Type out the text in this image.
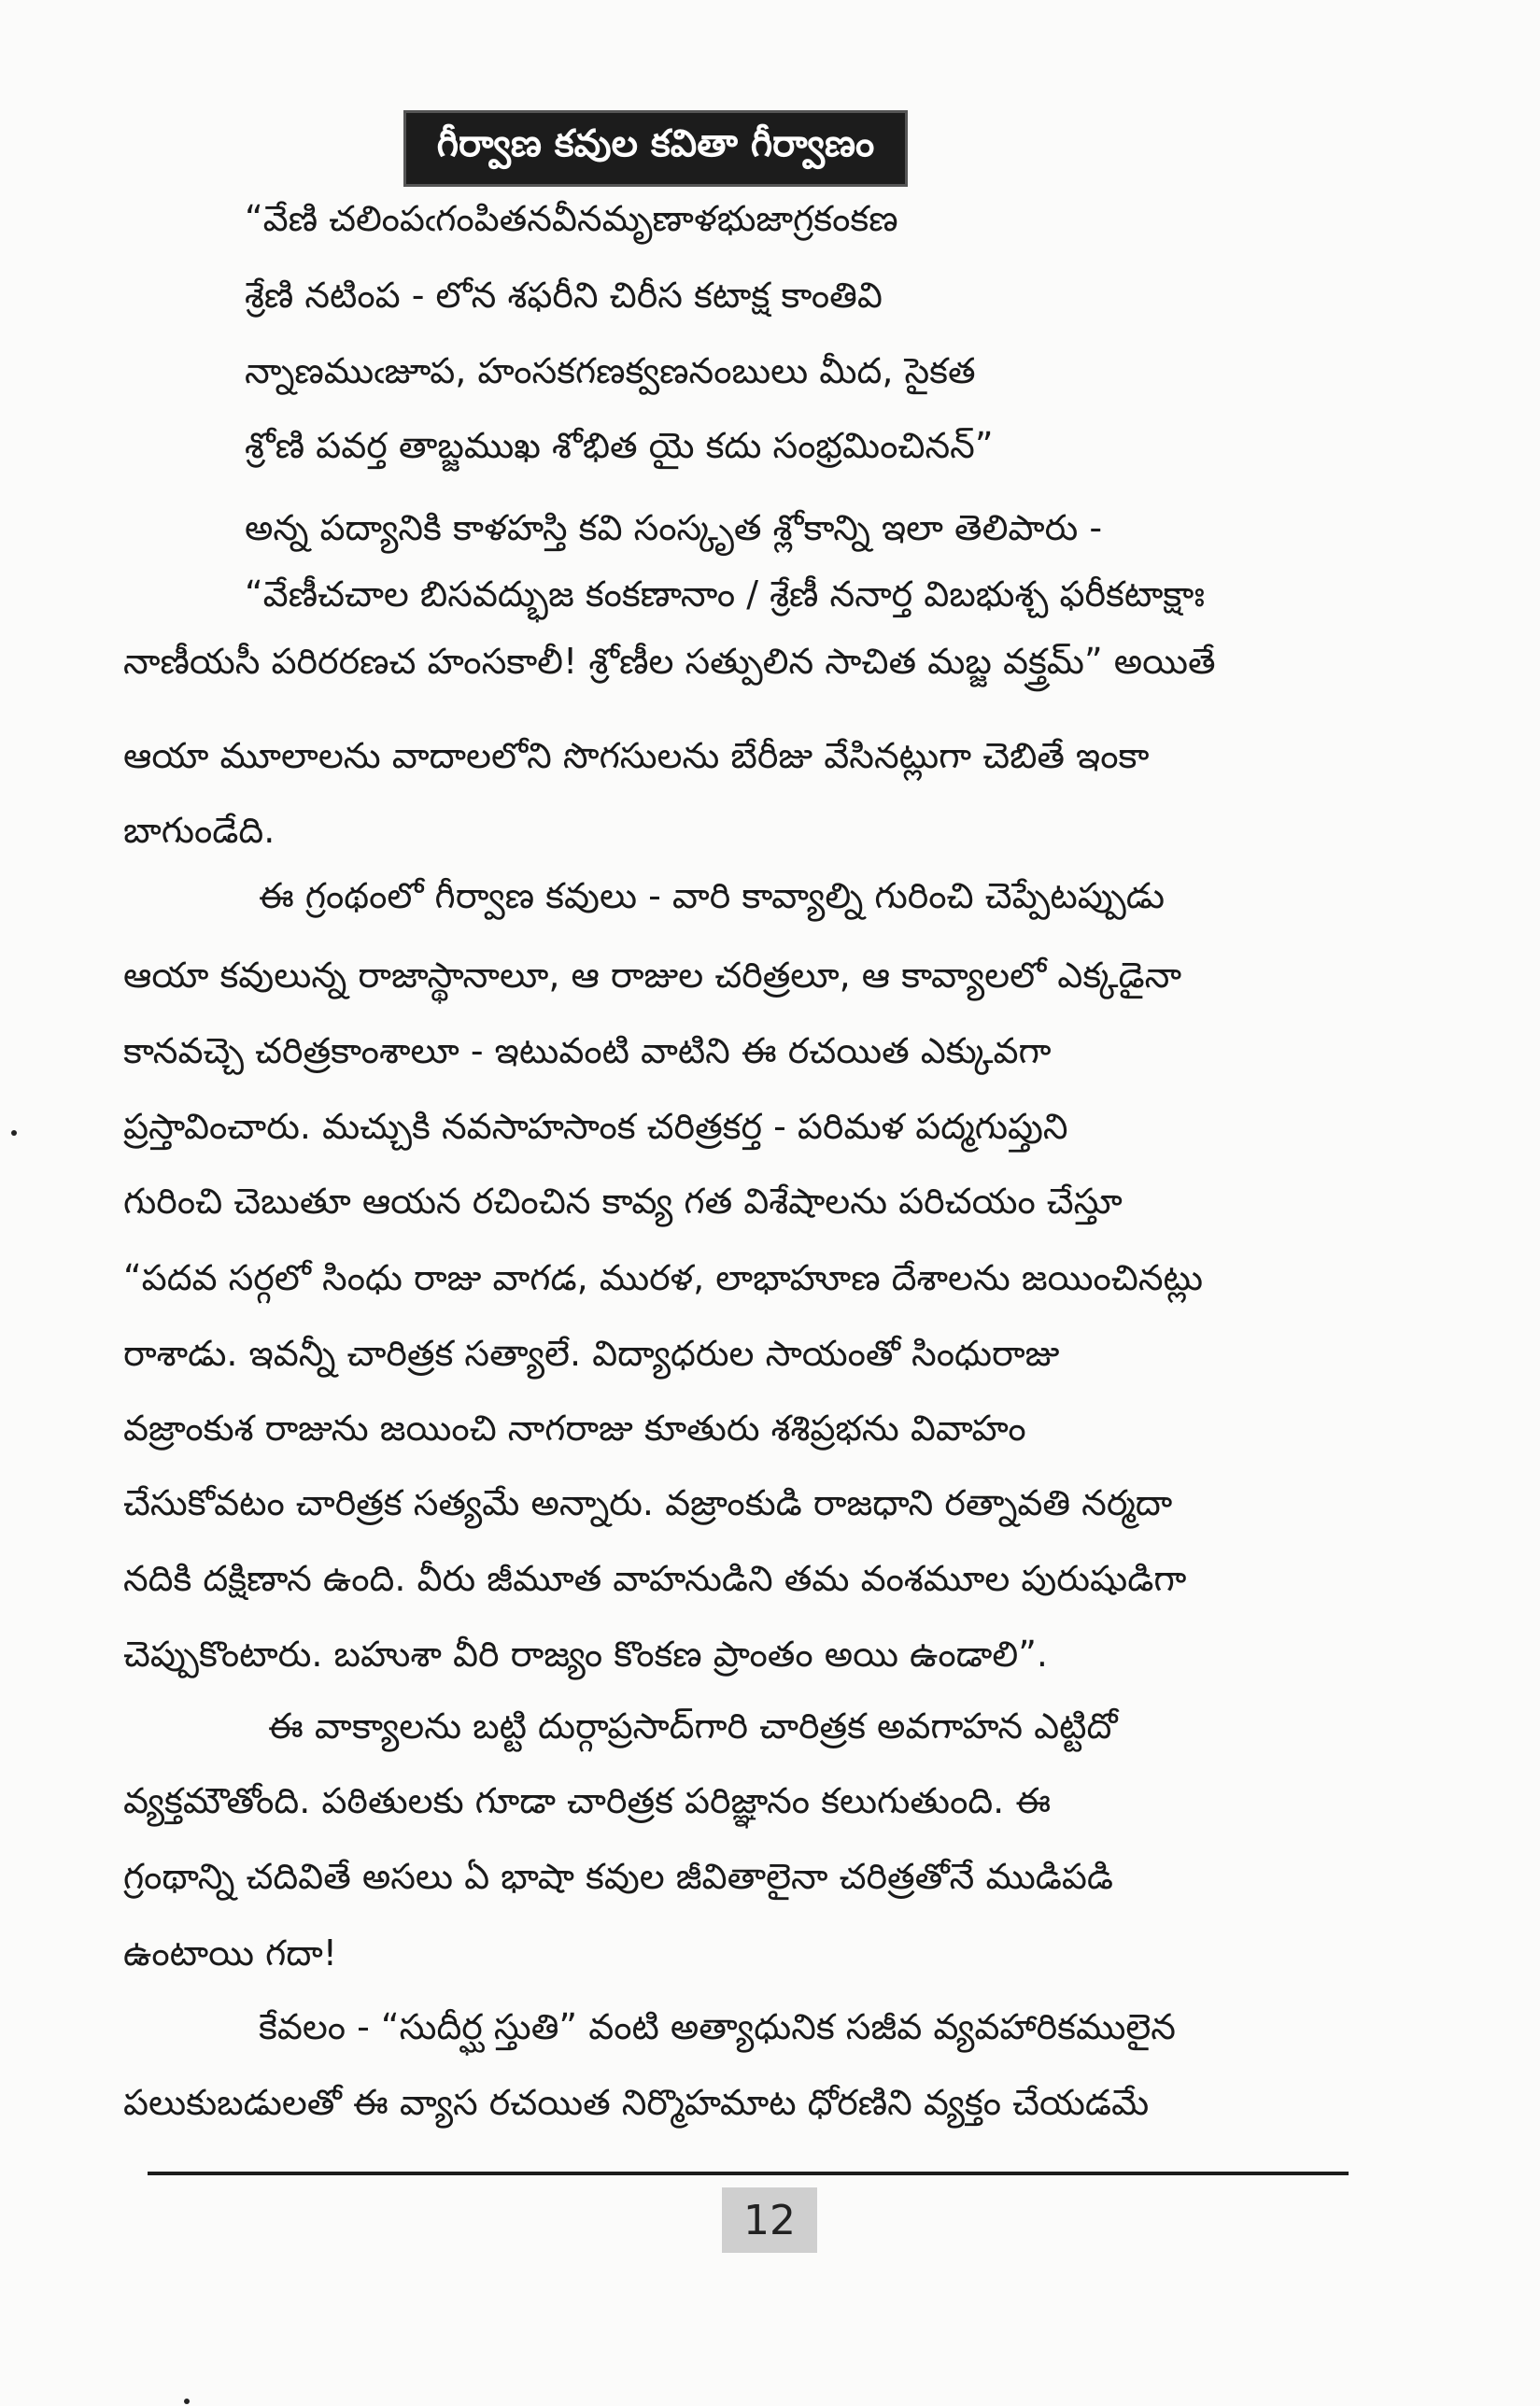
గీర్వాణ కవుల కవితా గీర్వాణం
“వేణి చలింపఁగంపితనవీనమృణాళభుజాగ్రకంకణ
శ్రేణి నటింప - లోన శఫరీని చిరీస కటాక్ష కాంతివి
న్నాణముఁజూప, హంసకగణక్వణనంబులు మీద, సైకత
శ్రోణి పవర్త తాబ్జముఖ శోభిత యై కదు సంభ్రమించినన్”
అన్న పద్యానికి కాళహస్తి కవి సంస్కృత శ్లోకాన్ని ఇలా తెలిపారు -
“వేణీచచాల బిసవద్భుజ కంకణానాం / శ్రేణీ ననార్త విబభుశ్చ ఫరీకటాక్షాః
నాణీయసీ పరిరరణచ హంసకాలీ! శ్రోణీల సత్పులిన సాచిత మబ్జ వక్త్రమ్” అయితే
ఆయా మూలాలను వాదాలలోని సొగసులను బేరీజు వేసినట్లుగా చెబితే ఇంకా
బాగుండేది.
ఈ గ్రంథంలో గీర్వాణ కవులు - వారి కావ్యాల్ని గురించి చెప్పేటప్పుడు
ఆయా కవులున్న రాజాస్థానాలూ, ఆ రాజుల చరిత్రలూ, ఆ కావ్యాలలో ఎక్కడైనా
కానవచ్చె చరిత్రకాంశాలూ - ఇటువంటి వాటిని ఈ రచయిత ఎక్కువగా
ప్రస్తావించారు. మచ్చుకి నవసాహసాంక చరిత్రకర్త - పరిమళ పద్మగుప్తుని
గురించి చెబుతూ ఆయన రచించిన కావ్య గత విశేషాలను పరిచయం చేస్తూ
“పదవ సర్గలో సింధు రాజు వాగడ, మురళ, లాభాహూణ దేశాలను జయించినట్లు
రాశాడు. ఇవన్నీ చారిత్రక సత్యాలే. విద్యాధరుల సాయంతో సింధురాజు
వజ్రాంకుశ రాజును జయించి నాగరాజు కూతురు శశిప్రభను వివాహం
చేసుకోవటం చారిత్రక సత్యమే అన్నారు. వజ్రాంకుడి రాజధాని రత్నావతి నర్మదా
నదికి దక్షిణాన ఉంది. వీరు జీమూత వాహనుడిని తమ వంశమూల పురుషుడిగా
చెప్పుకొంటారు. బహుశా వీరి రాజ్యం కొంకణ ప్రాంతం అయి ఉండాలి”.
ఈ వాక్యాలను బట్టి దుర్గాప్రసాద్‌గారి చారిత్రక అవగాహన ఎట్టిదో
వ్యక్తమౌతోంది. పఠితులకు గూడా చారిత్రక పరిజ్ఞానం కలుగుతుంది. ఈ
గ్రంథాన్ని చదివితే అసలు ఏ భాషా కవుల జీవితాలైనా చరిత్రతోనే ముడిపడి
ఉంటాయి గదా!
కేవలం - “సుదీర్ఘ స్తుతి” వంటి అత్యాధునిక సజీవ వ్యవహారికములైన
పలుకుబడులతో ఈ వ్యాస రచయిత నిర్మొహమాట ధోరణిని వ్యక్తం చేయడమే
12
